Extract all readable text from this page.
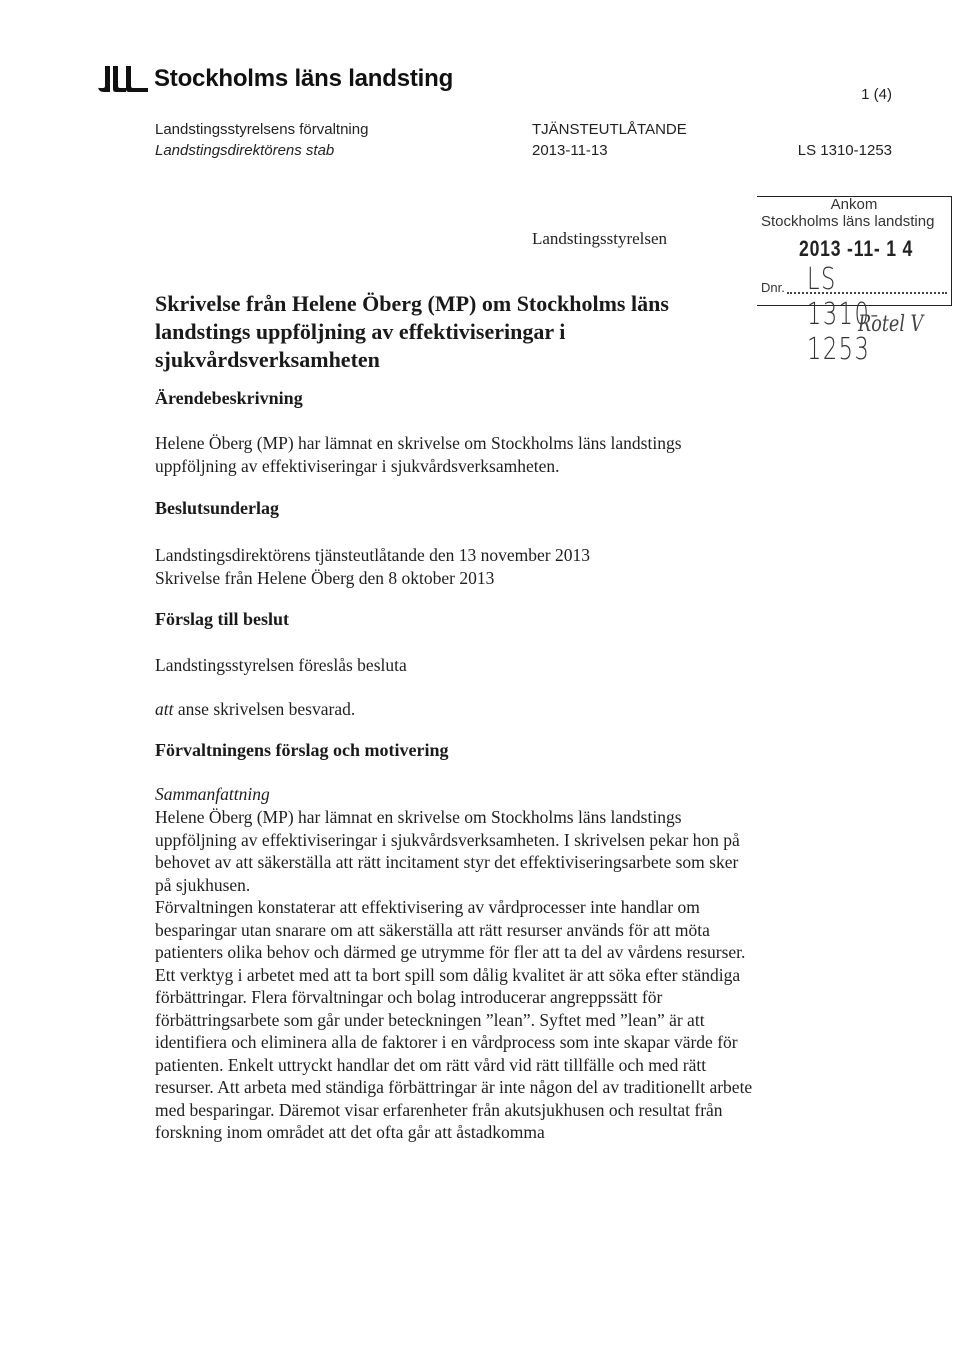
Stockholms läns landsting
1 (4)
Landstingsstyrelsens förvaltning
Landstingsdirektörens stab
TJÄNSTEUTLÅTANDE
2013-11-13	LS 1310-1253
Landstingsstyrelsen
Ankom
Stockholms läns landsting
2013 -11- 1 4
LS 1310-1253
Dnr.
Rotel V
Skrivelse från Helene Öberg (MP) om Stockholms läns landstings uppföljning av effektiviseringar i sjukvårdsverksamheten
Ärendebeskrivning
Helene Öberg (MP) har lämnat en skrivelse om Stockholms läns landstings uppföljning av effektiviseringar i sjukvårdsverksamheten.
Beslutsunderlag

Landstingsdirektörens tjänsteutlåtande den 13 november 2013

Skrivelse från Helene Öberg den 8 oktober 2013

Förslag till beslut
Landstingsstyrelsen föreslås besluta
att anse skrivelsen besvarad.
Förvaltningens förslag och motivering
Sammanfattning

Helene Öberg (MP) har lämnat en skrivelse om Stockholms läns landstings uppföljning av effektiviseringar i sjukvårdsverksamheten. I skrivelsen pekar hon på behovet av att säkerställa att rätt incitament styr det effektiviseringsarbete som sker på sjukhusen.

Förvaltningen konstaterar att effektivisering av vårdprocesser inte handlar om besparingar utan snarare om att säkerställa att rätt resurser används för att möta patienters olika behov och därmed ge utrymme för fler att ta del av vårdens resurser. Ett verktyg i arbetet med att ta bort spill som dålig kvalitet är att söka efter ständiga förbättringar. Flera förvaltningar och bolag introducerar angreppssätt för förbättringsarbete som går under beteckningen ”lean”. Syftet med ”lean” är att identifiera och eliminera alla de faktorer i en vårdprocess som inte skapar värde för patienten. Enkelt uttryckt handlar det om rätt vård vid rätt tillfälle och med rätt resurser. Att arbeta med ständiga förbättringar är inte någon del av traditionellt arbete med besparingar. Däremot visar erfarenheter från akutsjukhusen och resultat från forskning inom området att det ofta går att åstadkomma
